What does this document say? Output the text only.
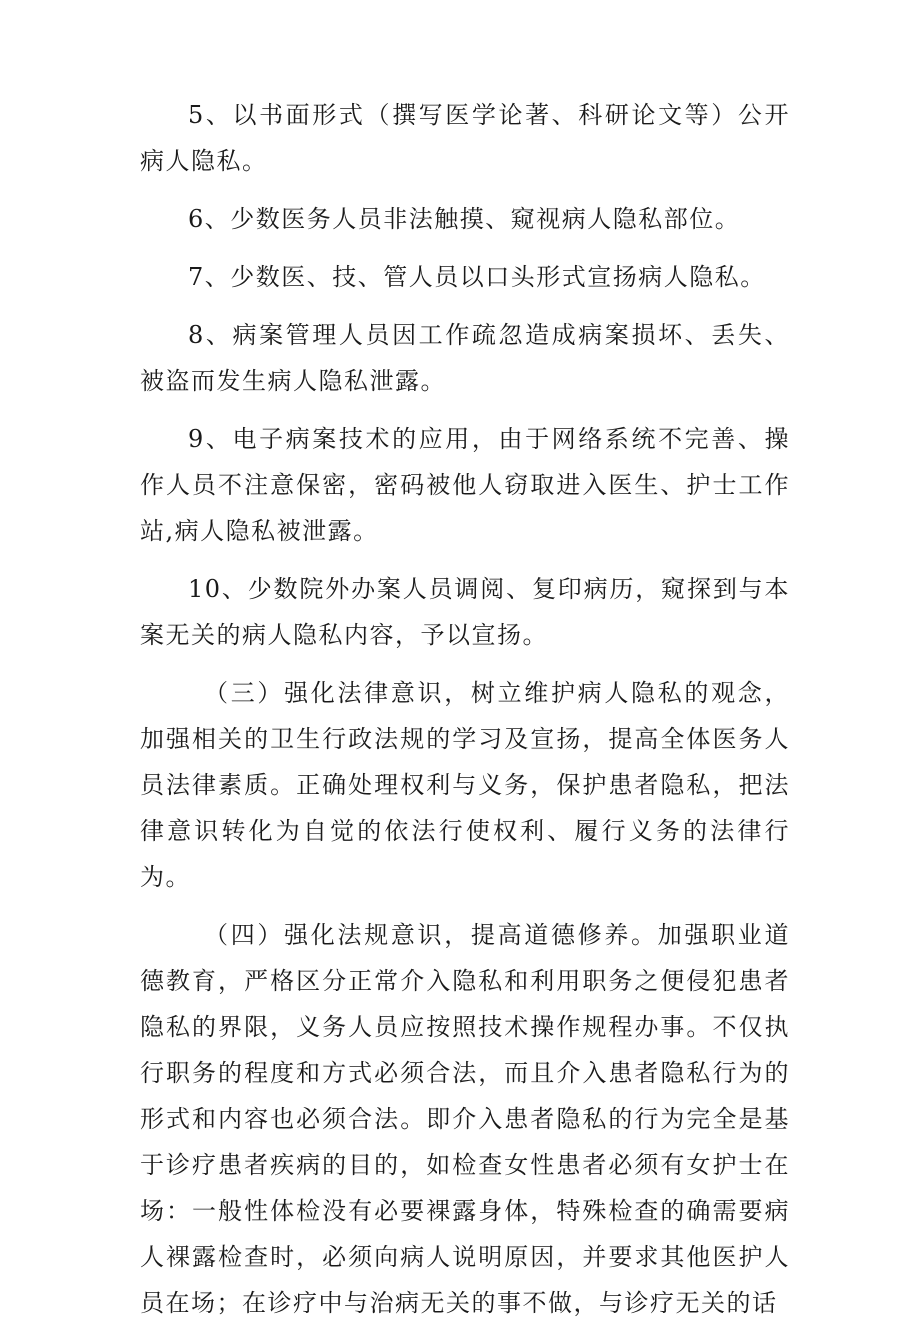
5、以书面形式（撰写医学论著、科研论文等）公开病人隐私。

6、少数医务人员非法触摸、窥视病人隐私部位。

7、少数医、技、管人员以口头形式宣扬病人隐私。

8、病案管理人员因工作疏忽造成病案损坏、丢失、被盗而发生病人隐私泄露。

9、电子病案技术的应用，由于网络系统不完善、操作人员不注意保密，密码被他人窃取进入医生、护士工作站,病人隐私被泄露。

10、少数院外办案人员调阅、复印病历，窥探到与本案无关的病人隐私内容，予以宣扬。

（三）强化法律意识，树立维护病人隐私的观念，加强相关的卫生行政法规的学习及宣扬，提高全体医务人员法律素质。正确处理权利与义务，保护患者隐私，把法律意识转化为自觉的依法行使权利、履行义务的法律行为。

（四）强化法规意识，提高道德修养。加强职业道德教育，严格区分正常介入隐私和利用职务之便侵犯患者隐私的界限，义务人员应按照技术操作规程办事。不仅执行职务的程度和方式必须合法，而且介入患者隐私行为的形式和内容也必须合法。即介入患者隐私的行为完全是基于诊疗患者疾病的目的，如检查女性患者必须有女护士在场：一般性体检没有必要裸露身体，特殊检查的确需要病人裸露检查时，必须向病人说明原因，并要求其他医护人员在场；在诊疗中与治病无关的事不做，与诊疗无关的话
